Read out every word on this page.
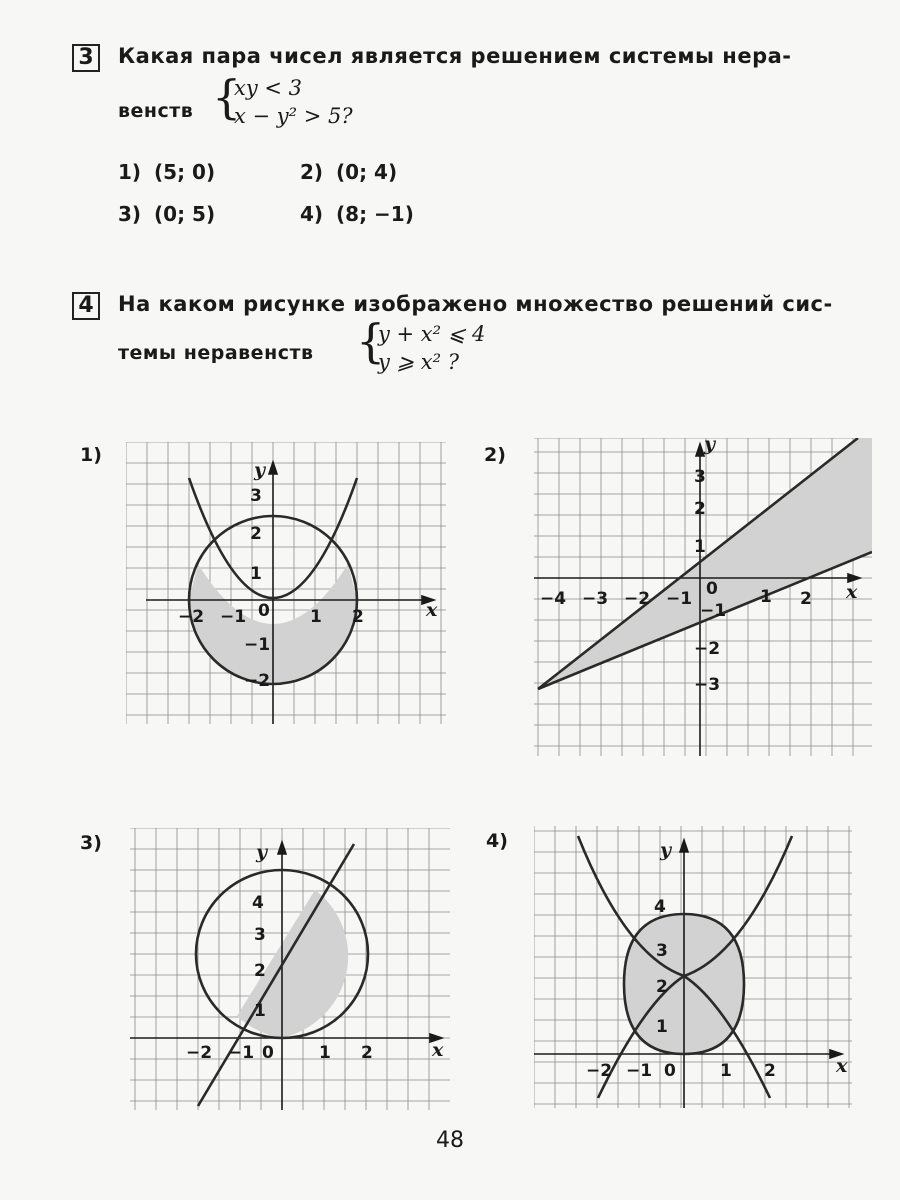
3	Какая пара чисел является решением системы нера-
венств {
xy < 3
x − y² > 5?
1) (5; 0)	2) (0; 4)
3) (0; 5)	4) (8; −1)
4	На каком рисунке изображено множество решений сис-
темы неравенств {
y + x² ⩽ 4
y ⩾ x² ?
1)
x
y
0
−2 −1	1 2
3
2
1
−1
−2
2)
x
y
0
−4 −3 −2 −1	1 2
3
2
1
−1
−2
−3
3)
x
y
0
−2 −1	1 2
4
3
2
1
4)
x
y
0
−2 −1	1 2
4
3
2
1
48
